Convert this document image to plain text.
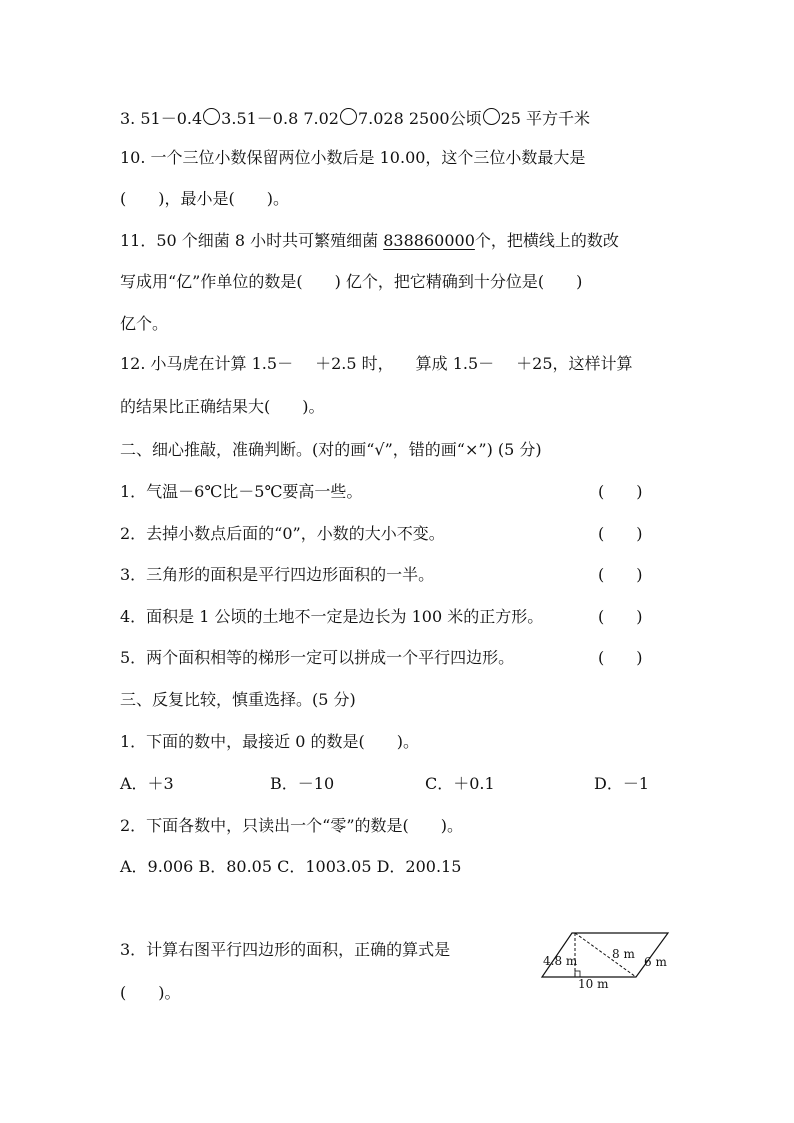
3. 51－0.4 3.51－0.8 7.02 7.028 2500公顷 25 平方千米
10. 一个三位小数保留两位小数后是 10.00，这个三位小数最大是
(　　)，最小是(　　)。
11．50 个细菌 8 小时共可繁殖细菌 838860000个，把横线上的数改
写成用“亿”作单位的数是(　　) 亿个，把它精确到十分位是(　　)
亿个。
12. 小马虎在计算 1.5－ ＋2.5 时， 算成 1.5－ ＋25，这样计算
的结果比正确结果大(　　)。
二、细心推敲，准确判断。(对的画“√”，错的画“×”) (5 分)
1．气温－6℃比－5℃要高一些。	(　　)
2．去掉小数点后面的“0”，小数的大小不变。	(　　)
3．三角形的面积是平行四边形面积的一半。	(　　)
4．面积是 1 公顷的土地不一定是边长为 100 米的正方形。	(　　)
5．两个面积相等的梯形一定可以拼成一个平行四边形。	(　　)
三、反复比较，慎重选择。(5 分)
1．下面的数中，最接近 0 的数是(　　)。
A．＋3	B．－10	C．＋0.1	D．－1
2．下面各数中，只读出一个“零”的数是(　　)。
A．9.006 B．80.05 C．1003.05 D．200.15
3．计算右图平行四边形的面积，正确的算式是
(　　)。
4.8 m	8 m
6 m
10 m
